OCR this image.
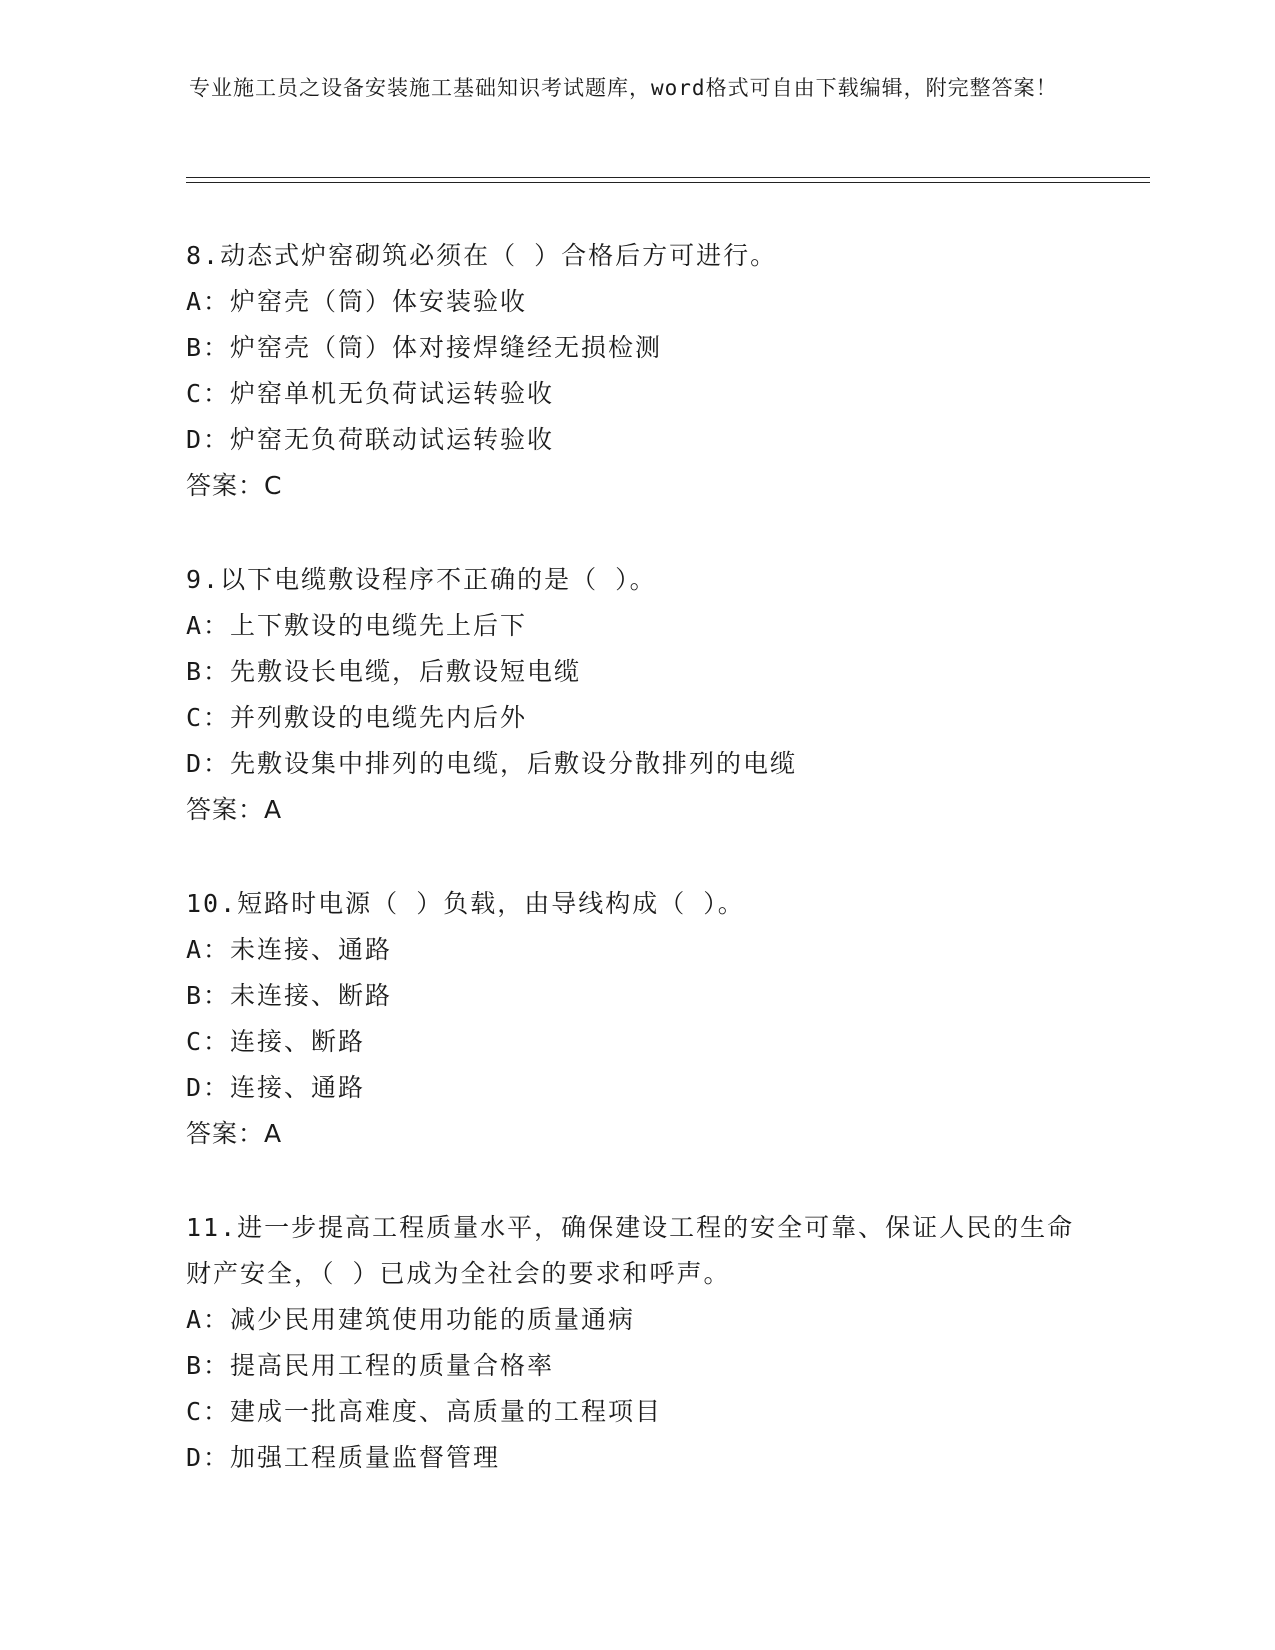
专业施工员之设备安装施工基础知识考试题库，word格式可自由下载编辑，附完整答案！
8.动态式炉窑砌筑必须在（ ）合格后方可进行。
A：炉窑壳（筒）体安装验收
B：炉窑壳（筒）体对接焊缝经无损检测
C：炉窑单机无负荷试运转验收
D：炉窑无负荷联动试运转验收
答案：C
9.以下电缆敷设程序不正确的是（ ）。
A：上下敷设的电缆先上后下
B：先敷设长电缆，后敷设短电缆
C：并列敷设的电缆先内后外
D：先敷设集中排列的电缆，后敷设分散排列的电缆
答案：A
10.短路时电源（ ）负载，由导线构成（ ）。
A：未连接、通路
B：未连接、断路
C：连接、断路
D：连接、通路
答案：A
11.进一步提高工程质量水平，确保建设工程的安全可靠、保证人民的生命财产安全，（ ）已成为全社会的要求和呼声。
A：减少民用建筑使用功能的质量通病
B：提高民用工程的质量合格率
C：建成一批高难度、高质量的工程项目
D：加强工程质量监督管理
